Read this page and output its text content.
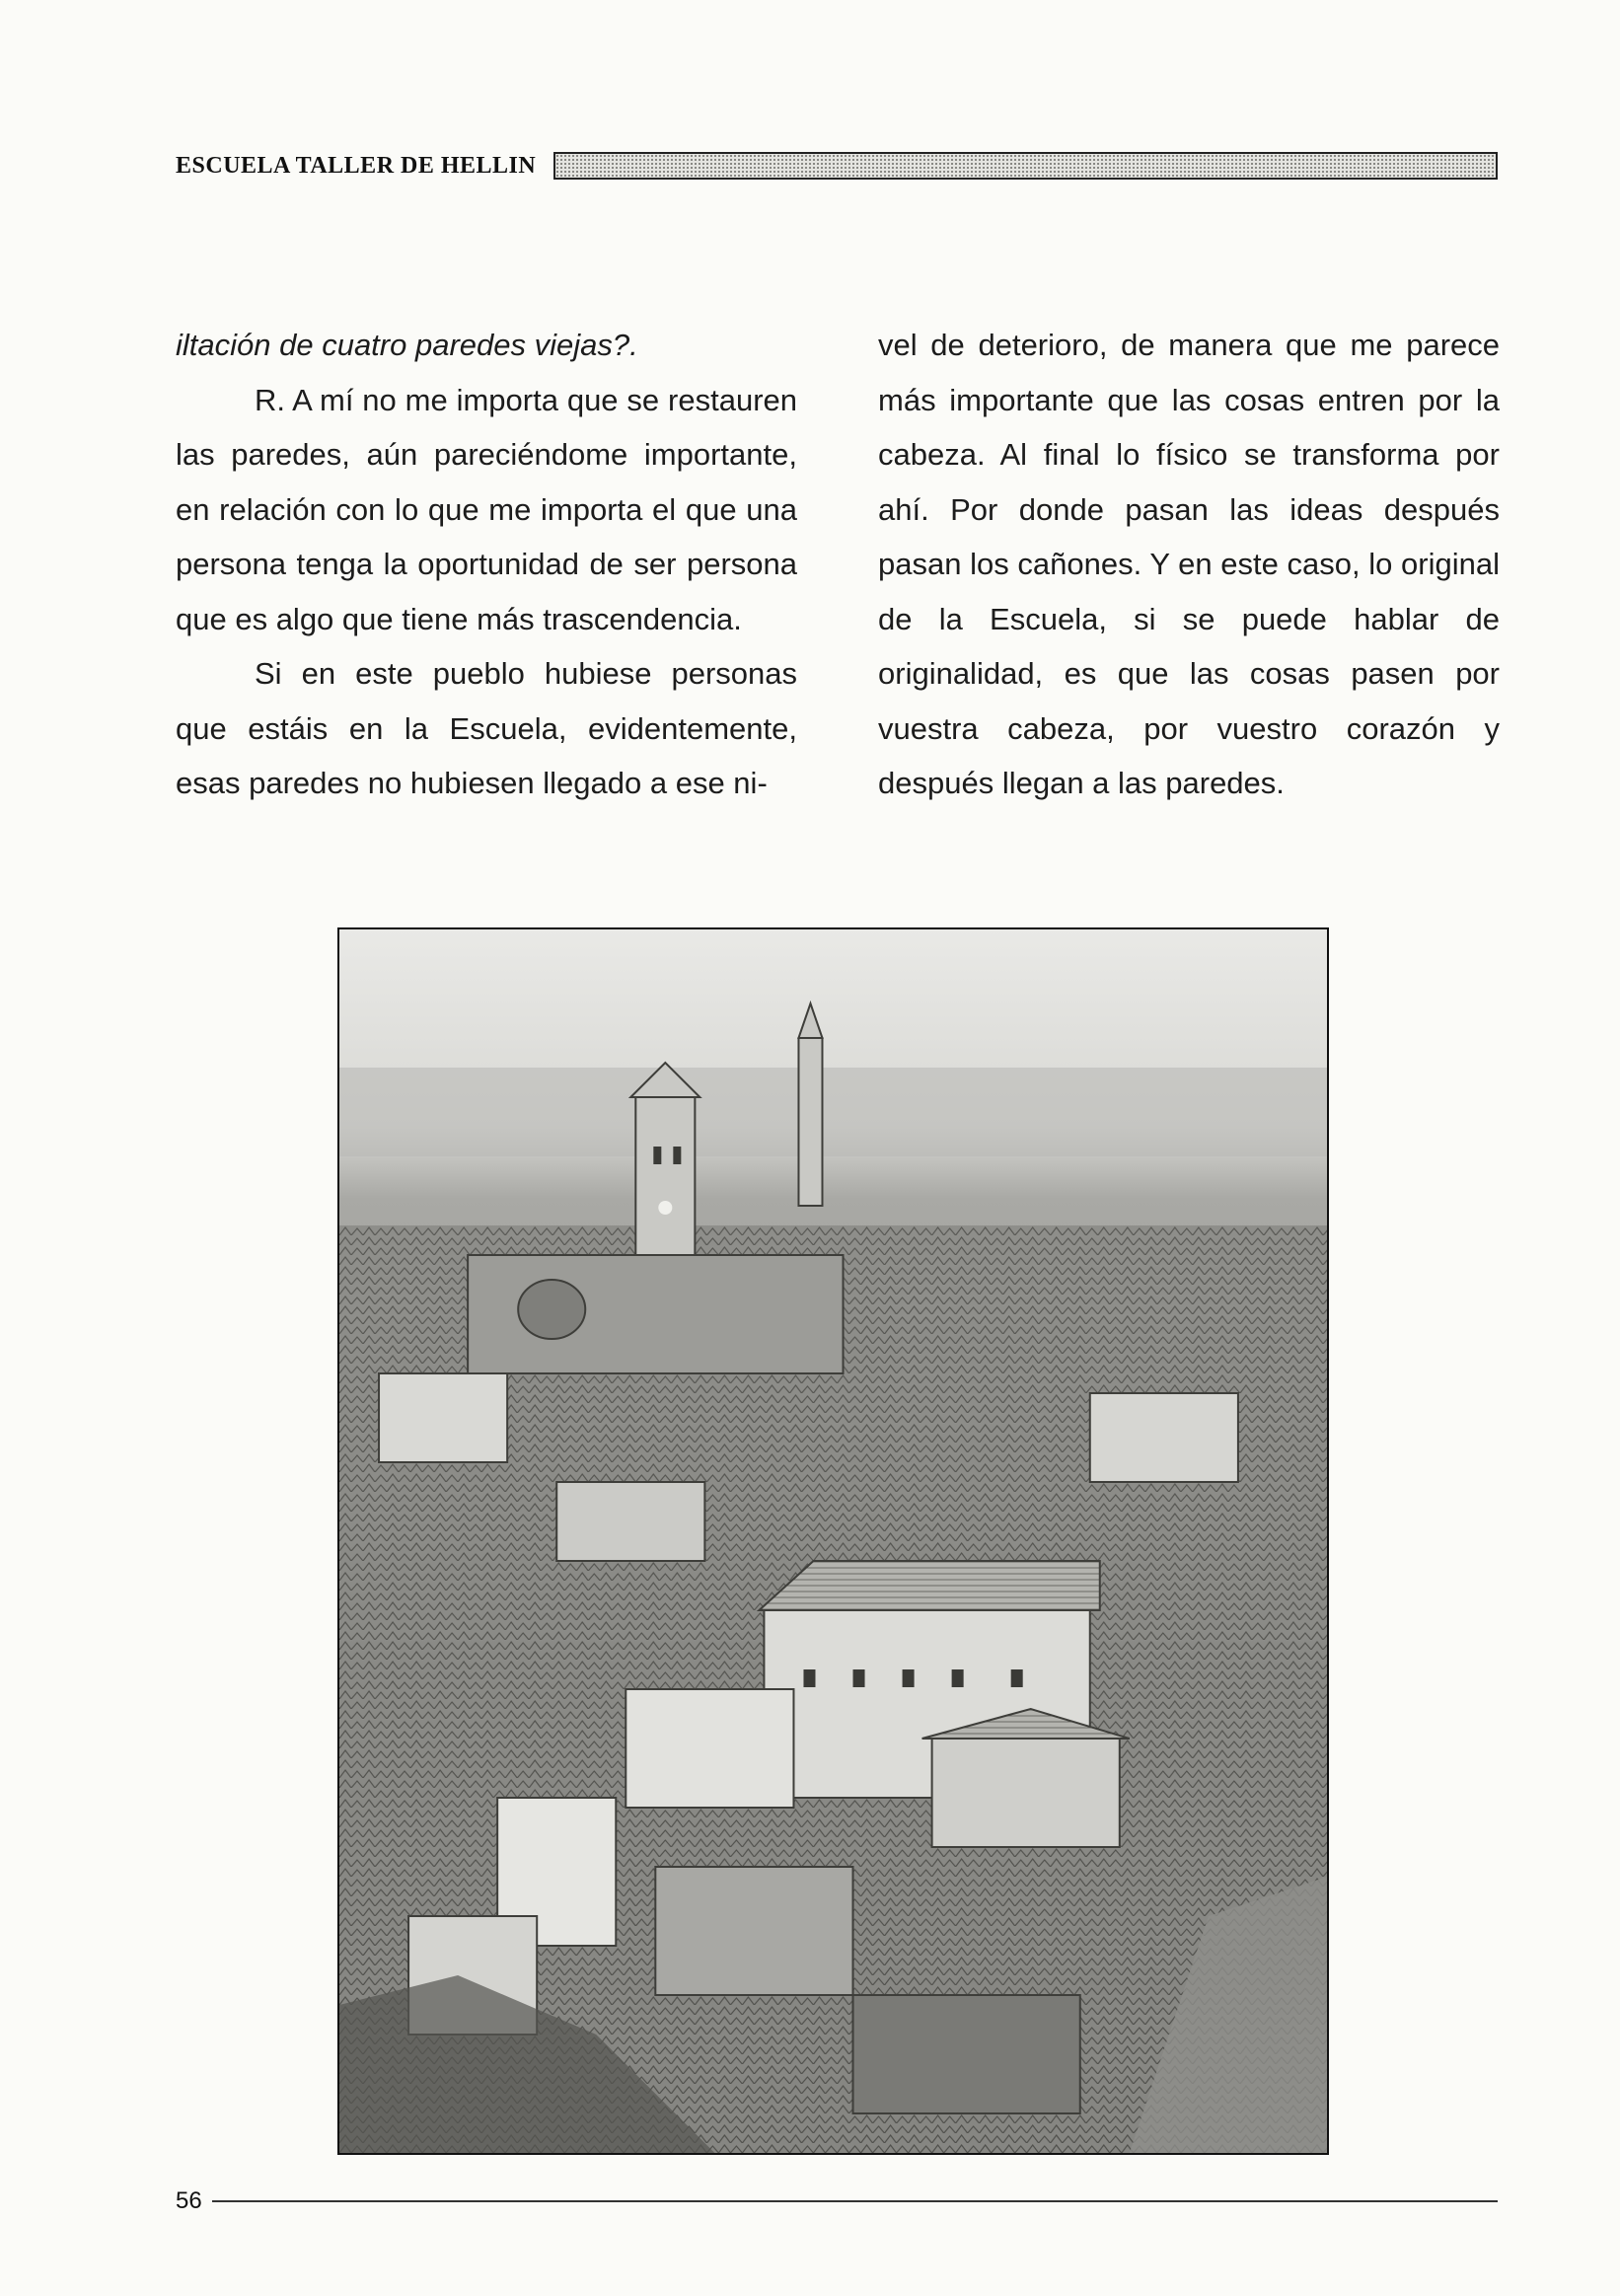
ESCUELA TALLER DE HELLIN

iltación de cuatro paredes viejas?.

R. A mí no me importa que se restauren las paredes, aún pareciéndome importante, en relación con lo que me importa el que una persona tenga la oportunidad de ser persona que es algo que tiene más trascendencia.

Si en este pueblo hubiese personas que estáis en la Escuela, evidentemente, esas paredes no hubiesen llegado a ese ni-

vel de deterioro, de manera que me parece más importante que las cosas entren por la cabeza. Al final lo físico se transforma por ahí. Por donde pasan las ideas después pasan los cañones. Y en este caso, lo original de la Escuela, si se puede hablar de originalidad, es que las cosas pasen por vuestra cabeza, por vuestro corazón y después llegan a las paredes.

56
